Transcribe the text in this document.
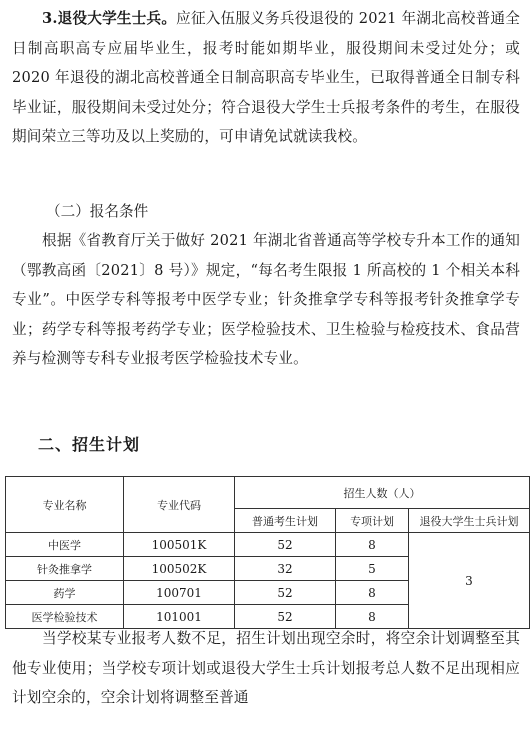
3.退役大学生士兵。应征入伍服义务兵役退役的 2021 年湖北高校普通全日制高职高专应届毕业生，报考时能如期毕业，服役期间未受过处分；或 2020 年退役的湖北高校普通全日制高职高专毕业生，已取得普通全日制专科毕业证，服役期间未受过处分；符合退役大学生士兵报考条件的考生，在服役期间荣立三等功及以上奖励的，可申请免试就读我校。

（二）报名条件

根据《省教育厅关于做好 2021 年湖北省普通高等学校专升本工作的通知（鄂教高函〔2021〕8 号）》规定，“每名考生限报 1 所高校的 1 个相关本科专业”。中医学专科等报考中医学专业；针灸推拿学专科等报考针灸推拿学专业；药学专科等报考药学专业；医学检验技术、卫生检验与检疫技术、食品营养与检测等专科专业报考医学检验技术专业。

二、招生计划
专业名称	专业代码	招生人数（人）		
		普通考生计划	专项计划	退役大学生士兵计划
中医学	100501K	52	8	3
针灸推拿学	100502K	32	5	
药学	100701	52	8	
医学检验技术	101001	52	8	

当学校某专业报考人数不足，招生计划出现空余时，将空余计划调整至其他专业使用；当学校专项计划或退役大学生士兵计划报考总人数不足出现相应计划空余的，空余计划将调整至普通
